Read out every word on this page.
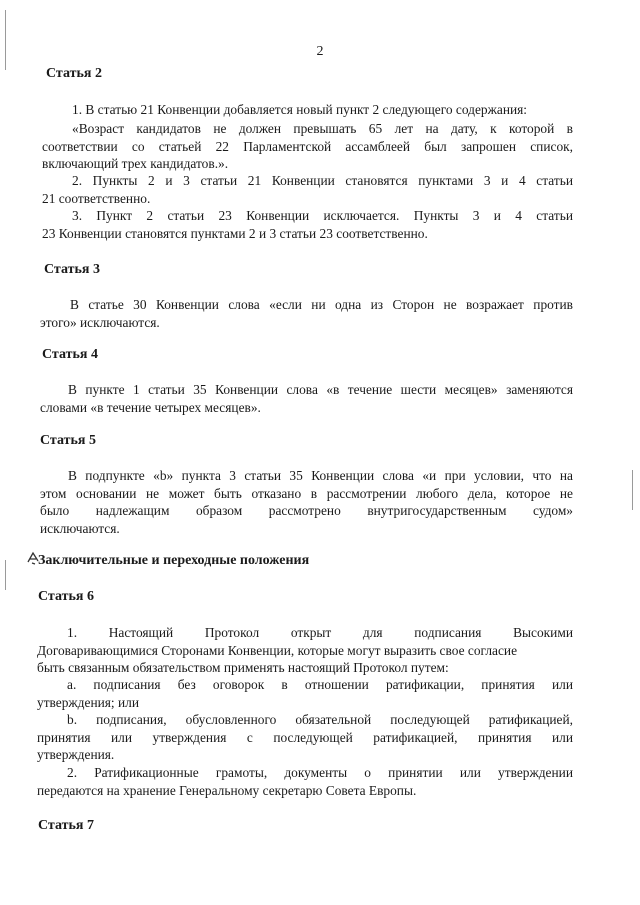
2
Статья 2
1. В статью 21 Конвенции добавляется новый пункт 2 следующего содержания:
«Возраст кандидатов не должен превышать 65 лет на дату, к которой в
соответствии со статьей 22 Парламентской ассамблеей был запрошен список,
включающий трех кандидатов.».
2. Пункты 2 и 3 статьи 21 Конвенции становятся пунктами 3 и 4 статьи
21 соответственно.
3. Пункт 2 статьи 23 Конвенции исключается. Пункты 3 и 4 статьи
23 Конвенции становятся пунктами 2 и 3 статьи 23 соответственно.
Статья 3
В статье 30 Конвенции слова «если ни одна из Сторон не возражает против
этого» исключаются.
Статья 4
В пункте 1 статьи 35 Конвенции слова «в течение шести месяцев» заменяются
словами «в течение четырех месяцев».
Статья 5
В подпункте «b» пункта 3 статьи 35 Конвенции слова «и при условии, что на
этом основании не может быть отказано в рассмотрении любого дела, которое не
было надлежащим образом рассмотрено внутригосударственным судом»
исключаются.
Заключительные и переходные положения
Статья 6
1. Настоящий Протокол открыт для подписания Высокими
Договаривающимися Сторонами Конвенции, которые могут выразить свое согласие
быть связанным обязательством применять настоящий Протокол путем:
a. подписания без оговорок в отношении ратификации, принятия или
утверждения; или
b. подписания, обусловленного обязательной последующей ратификацией,
принятия или утверждения с последующей ратификацией, принятия или
утверждения.
2. Ратификационные грамоты, документы о принятии или утверждении
передаются на хранение Генеральному секретарю Совета Европы.
Статья 7
